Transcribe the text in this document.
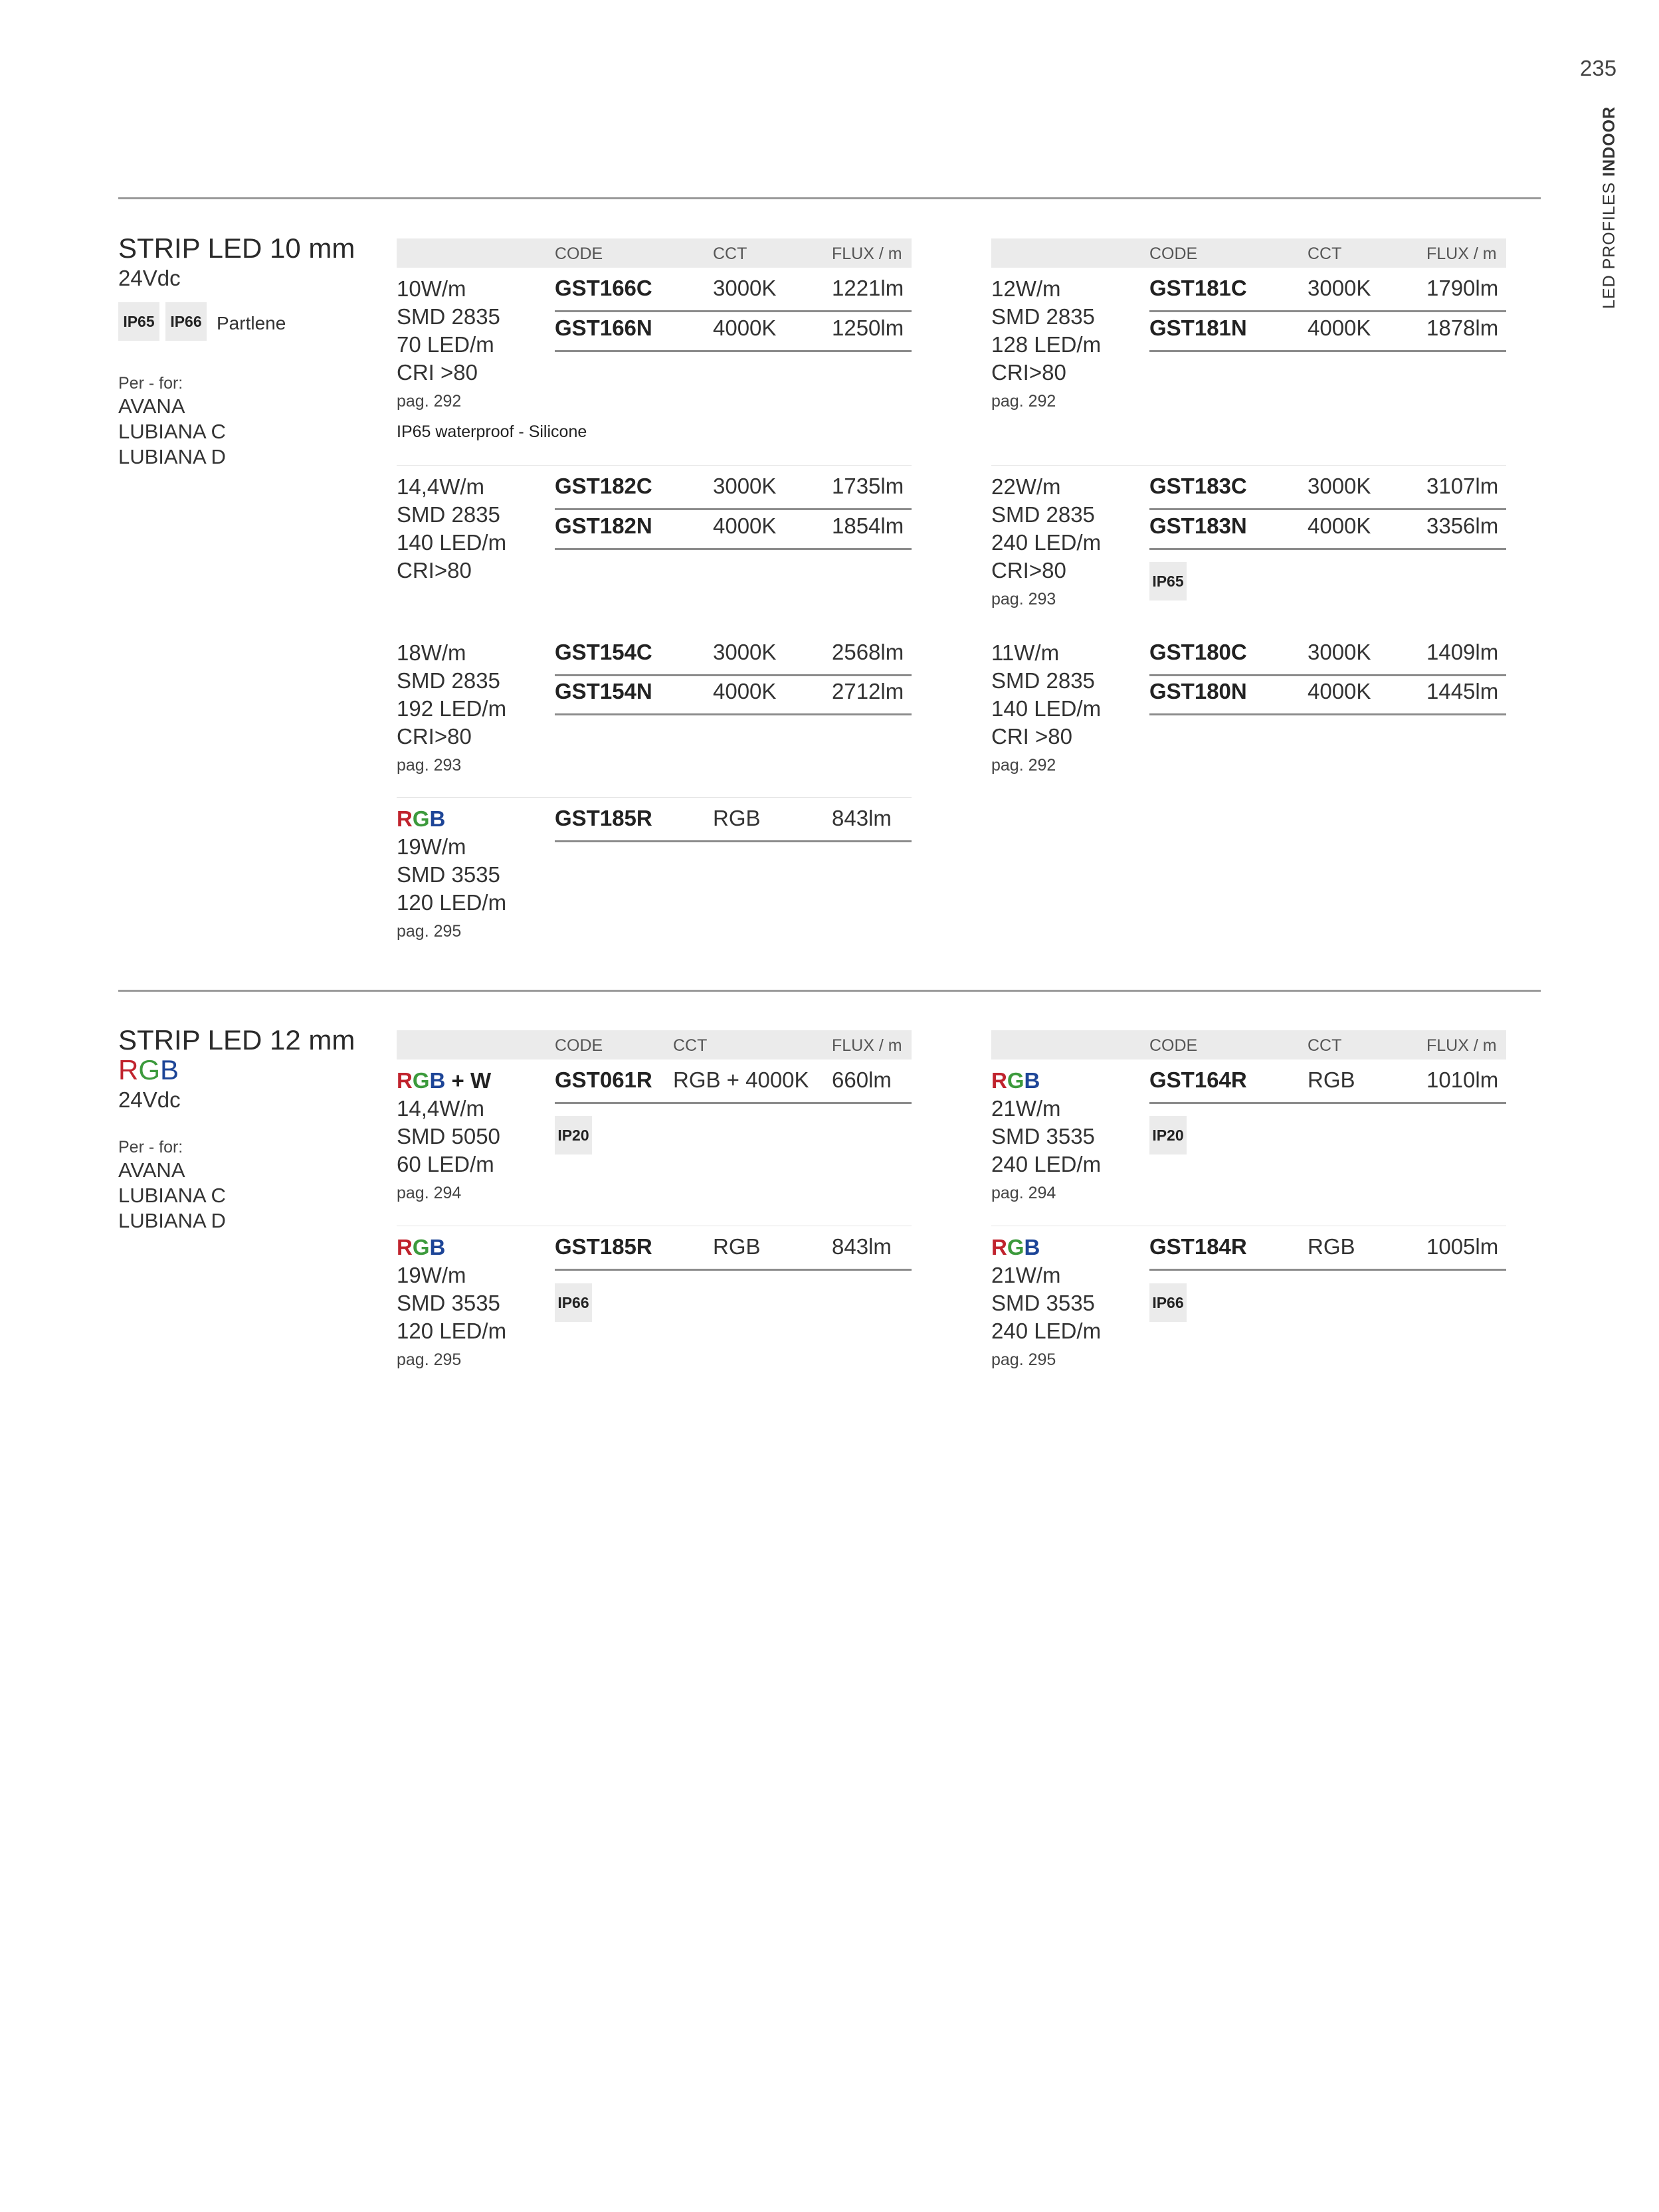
235
LED PROFILES INDOOR
STRIP LED 10 mm
24Vdc
IP65	IP66 Partlene
Per - for:
AVANA
LUBIANA C
LUBIANA D
CODE	CCT	FLUX / m	CODE	CCT	FLUX / m
10W/m
SMD 2835
70 LED/m
CRI >80
pag. 292
GST166C	3000K	1221lm
GST166N	4000K	1250lm
IP65 waterproof - Silicone
12W/m
SMD 2835
128 LED/m
CRI>80
pag. 292
GST181C	3000K	1790lm
GST181N	4000K	1878lm
14,4W/m
SMD 2835
140 LED/m
CRI>80
GST182C	3000K	1735lm
GST182N	4000K	1854lm
22W/m
SMD 2835
240 LED/m
CRI>80
pag. 293
GST183C	3000K	3107lm
GST183N	4000K	3356lm
IP65
18W/m
SMD 2835
192 LED/m
CRI>80
pag. 293
GST154C	3000K	2568lm
GST154N	4000K	2712lm
11W/m
SMD 2835
140 LED/m
CRI >80
pag. 292
GST180C	3000K	1409lm
GST180N	4000K	1445lm
RGB
19W/m
SMD 3535
120 LED/m
pag. 295
GST185R	RGB	843lm
STRIP LED 12 mm
RGB
24Vdc
Per - for:
AVANA
LUBIANA C
LUBIANA D
CODE	CCT	FLUX / m	CODE	CCT	FLUX / m
RGB + W
14,4W/m
SMD 5050
60 LED/m
pag. 294
GST061R RGB + 4000K 660lm
IP20
RGB
21W/m
SMD 3535
240 LED/m
pag. 294
GST164R	RGB	1010lm
IP20
RGB
19W/m
SMD 3535
120 LED/m
pag. 295
GST185R	RGB	843lm
IP66
RGB
21W/m
SMD 3535
240 LED/m
pag. 295
GST184R	RGB	1005lm
IP66
